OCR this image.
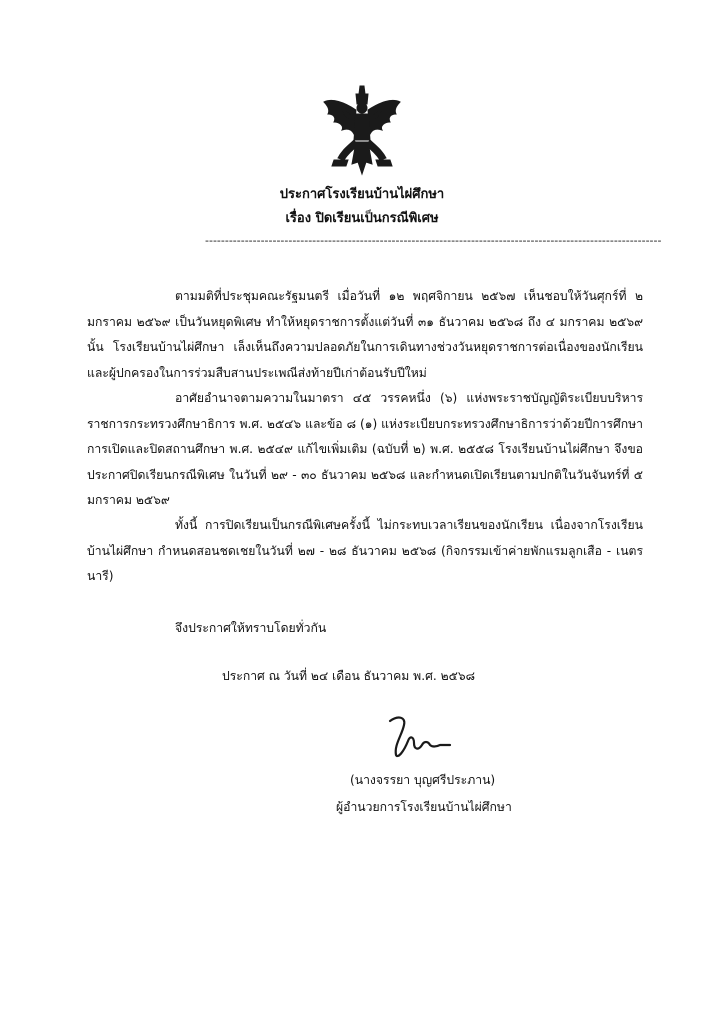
ประกาศโรงเรียนบ้านไผ่ศึกษา
เรื่อง ปิดเรียนเป็นกรณีพิเศษ
-------------------------------------------------------------------------------------------------------------------
ตามมติที่ประชุมคณะรัฐมนตรี เมื่อวันที่ ๑๒ พฤศจิกายน ๒๕๖๗ เห็นชอบให้วันศุกร์ที่ ๒ มกราคม ๒๕๖๙ เป็นวันหยุดพิเศษ ทำให้หยุดราชการตั้งแต่วันที่ ๓๑ ธันวาคม ๒๕๖๘ ถึง ๔ มกราคม ๒๕๖๙ นั้น โรงเรียนบ้านไผ่ศึกษา เล็งเห็นถึงความปลอดภัยในการเดินทางช่วงวันหยุดราชการต่อเนื่องของนักเรียนและผู้ปกครองในการร่วมสืบสานประเพณีส่งท้ายปีเก่าต้อนรับปีใหม่
อาศัยอำนาจตามความในมาตรา ๔๕ วรรคหนึ่ง (๖) แห่งพระราชบัญญัติระเบียบบริหารราชการกระทรวงศึกษาธิการ พ.ศ. ๒๕๔๖ และข้อ ๘ (๑) แห่งระเบียบกระทรวงศึกษาธิการว่าด้วยปีการศึกษา การเปิดและปิดสถานศึกษา พ.ศ. ๒๕๔๙ แก้ไขเพิ่มเติม (ฉบับที่ ๒) พ.ศ. ๒๕๕๘ โรงเรียนบ้านไผ่ศึกษา จึงขอประกาศปิดเรียนกรณีพิเศษ ในวันที่ ๒๙ - ๓๐ ธันวาคม ๒๕๖๘ และกำหนดเปิดเรียนตามปกติในวันจันทร์ที่ ๕ มกราคม ๒๕๖๙
ทั้งนี้ การปิดเรียนเป็นกรณีพิเศษครั้งนี้ ไม่กระทบเวลาเรียนของนักเรียน เนื่องจากโรงเรียนบ้านไผ่ศึกษา กำหนดสอนชดเชยในวันที่ ๒๗ - ๒๘ ธันวาคม ๒๕๖๘ (กิจกรรมเข้าค่ายพักแรมลูกเสือ - เนตรนารี)
จึงประกาศให้ทราบโดยทั่วกัน
ประกาศ ณ วันที่ ๒๔ เดือน ธันวาคม พ.ศ. ๒๕๖๘
(นางจรรยา บุญศรีประภาน)
ผู้อำนวยการโรงเรียนบ้านไผ่ศึกษา
